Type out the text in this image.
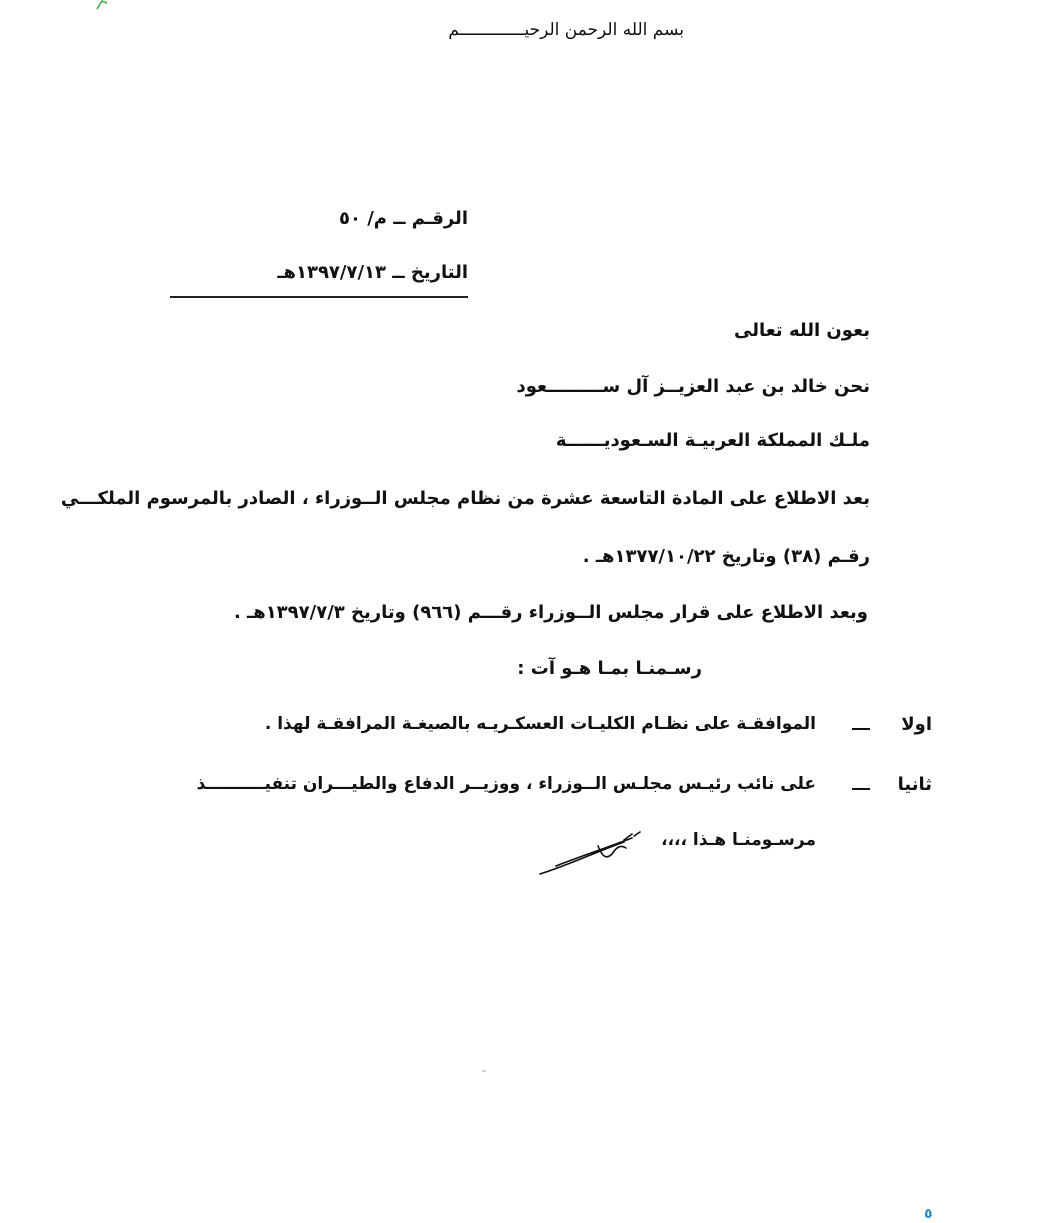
بسم الله الرحمن الرحيـــــــــــــم
الرقـم ــ م/ ٥٠
التاريخ ــ ١٣٩٧/٧/١٣هـ
بعون الله تعالى
نحن خالد بن عبد العزيــز آل ســـــــــعود
ملـك المملكة العربيـة السـعوديــــــة
بعد الاطلاع على المادة التاسعة عشرة من نظام مجلس الــوزراء ، الصادر بالمرسوم الملكـــي
رقـم (٣٨) وتاريخ ١٣٧٧/١٠/٢٢هـ .
وبعد الاطلاع على قرار مجلس الــوزراء رقـــم (٩٦٦) وتاريخ ١٣٩٧/٧/٣هـ .
رسـمنـا بمـا هـو آت :
اولا
الموافقـة على نظـام الكليـات العسكـريـه بالصيغـة المرافقـة لهذا .
ثانيا
على نائب رئيـس مجلـس الــوزراء ، ووزيــر الدفاع والطيـــران تنفيــــــــــذ
مرسـومنـا هـذا ،،،،
٥
